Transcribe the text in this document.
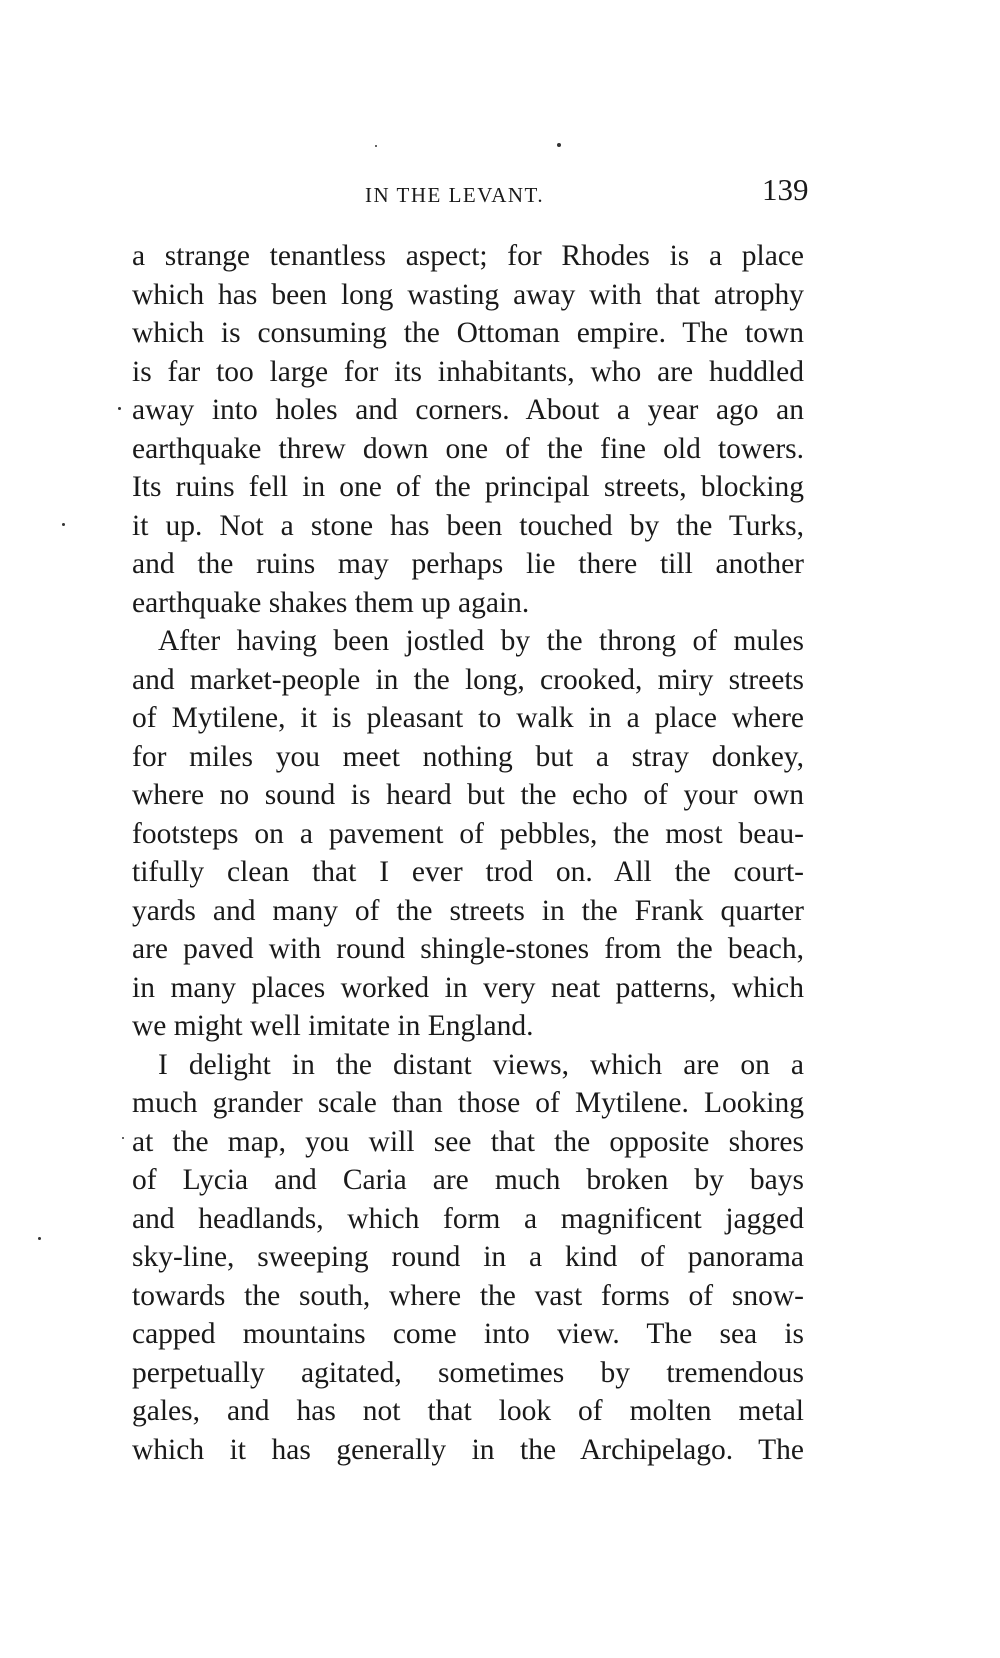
IN THE LEVANT.	139
a strange tenantless aspect; for Rhodes is a place
which has been long wasting away with that atrophy
which is consuming the Ottoman empire. The town
is far too large for its inhabitants, who are huddled
away into holes and corners. About a year ago an
earthquake threw down one of the fine old towers.
Its ruins fell in one of the principal streets, blocking
it up. Not a stone has been touched by the Turks,
and the ruins may perhaps lie there till another
earthquake shakes them up again.
After having been jostled by the throng of mules
and market-people in the long, crooked, miry streets
of Mytilene, it is pleasant to walk in a place where
for miles you meet nothing but a stray donkey,
where no sound is heard but the echo of your own
footsteps on a pavement of pebbles, the most beau-
tifully clean that I ever trod on. All the court-
yards and many of the streets in the Frank quarter
are paved with round shingle-stones from the beach,
in many places worked in very neat patterns, which
we might well imitate in England.
I delight in the distant views, which are on a
much grander scale than those of Mytilene. Looking
at the map, you will see that the opposite shores
of Lycia and Caria are much broken by bays
and headlands, which form a magnificent jagged
sky-line, sweeping round in a kind of panorama
towards the south, where the vast forms of snow-
capped mountains come into view. The sea is
perpetually agitated, sometimes by tremendous
gales, and has not that look of molten metal
which it has generally in the Archipelago. The
